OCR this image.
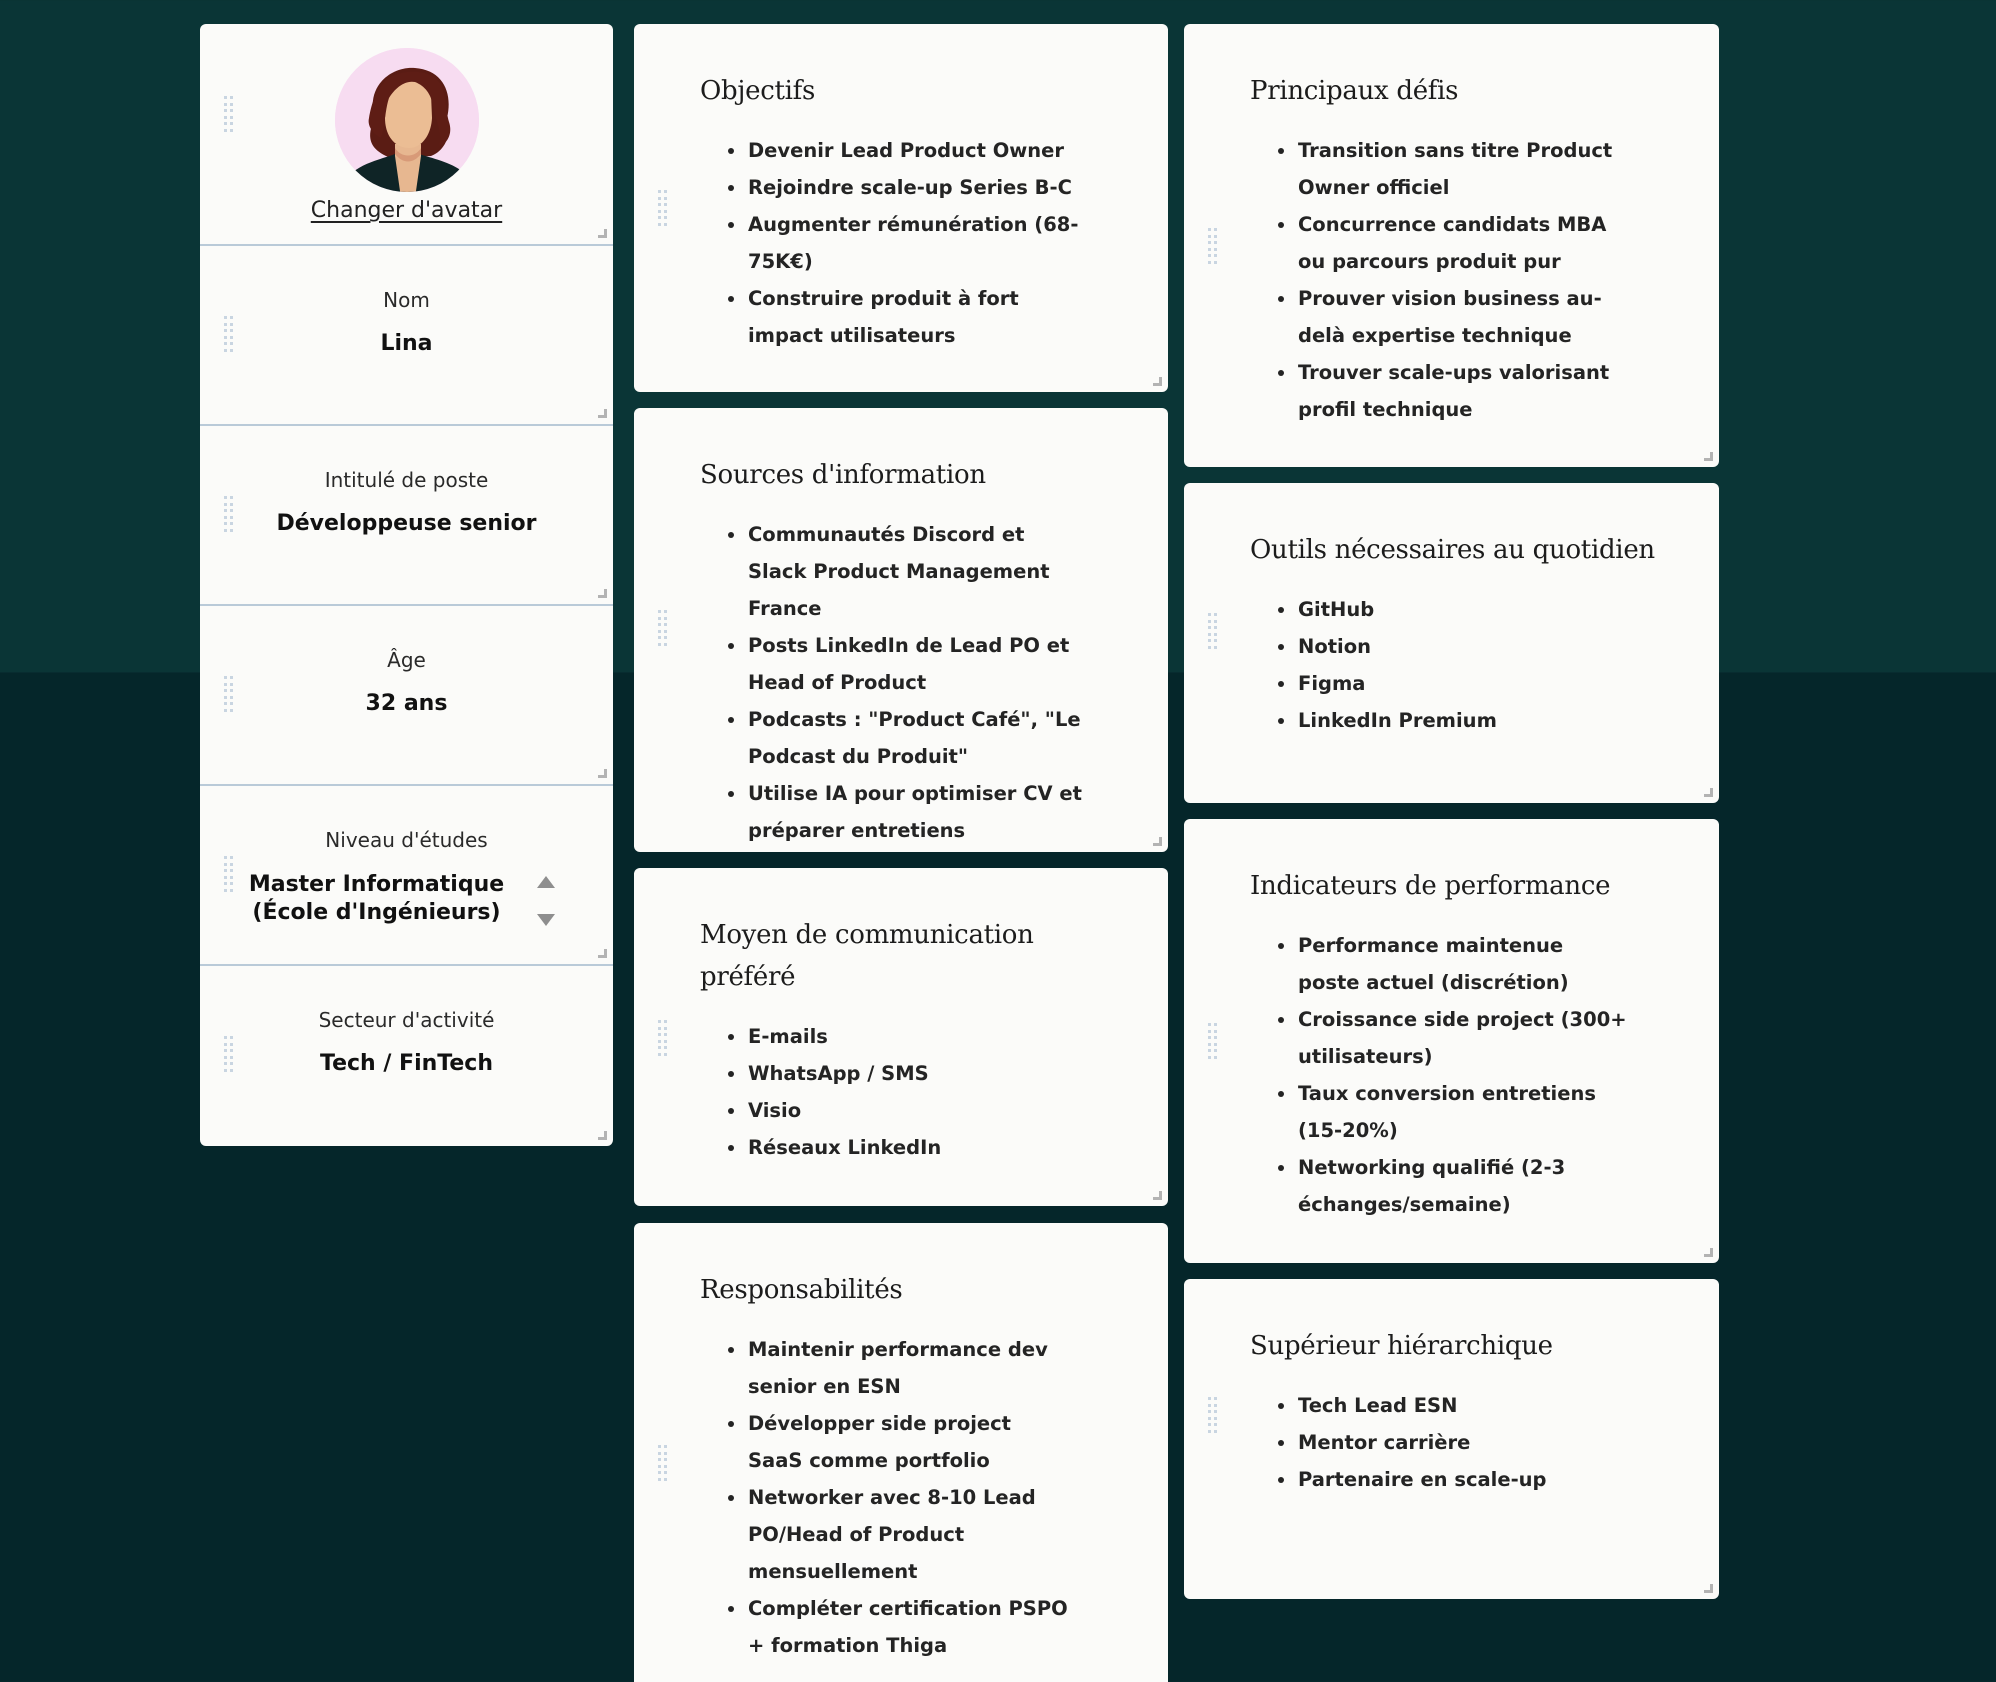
Changer d'avatar
Nom
Lina
Intitulé de poste
Développeuse senior
Âge
32 ans
Niveau d'études
Master Informatique
(École d'Ingénieurs)
Secteur d'activité
Tech / FinTech
Objectifs
Devenir Lead Product Owner
Rejoindre scale-up Series B-C
Augmenter rémunération (68-75K€)
Construire produit à fort impact utilisateurs
Sources d'information
Communautés Discord et Slack Product Management France
Posts LinkedIn de Lead PO et Head of Product
Podcasts : "Product Café", "Le Podcast du Produit"
Utilise IA pour optimiser CV et préparer entretiens
Moyen de communication préféré
E-mails
WhatsApp / SMS
Visio
Réseaux LinkedIn
Responsabilités
Maintenir performance dev senior en ESN
Développer side project SaaS comme portfolio
Networker avec 8-10 Lead PO/Head of Product mensuellement
Compléter certification PSPO + formation Thiga
Principaux défis
Transition sans titre Product Owner officiel
Concurrence candidats MBA ou parcours produit pur
Prouver vision business au-delà expertise technique
Trouver scale-ups valorisant profil technique
Outils nécessaires au quotidien
GitHub
Notion
Figma
LinkedIn Premium
Indicateurs de performance
Performance maintenue poste actuel (discrétion)
Croissance side project (300+ utilisateurs)
Taux conversion entretiens (15-20%)
Networking qualifié (2-3 échanges/semaine)
Supérieur hiérarchique
Tech Lead ESN
Mentor carrière
Partenaire en scale-up
